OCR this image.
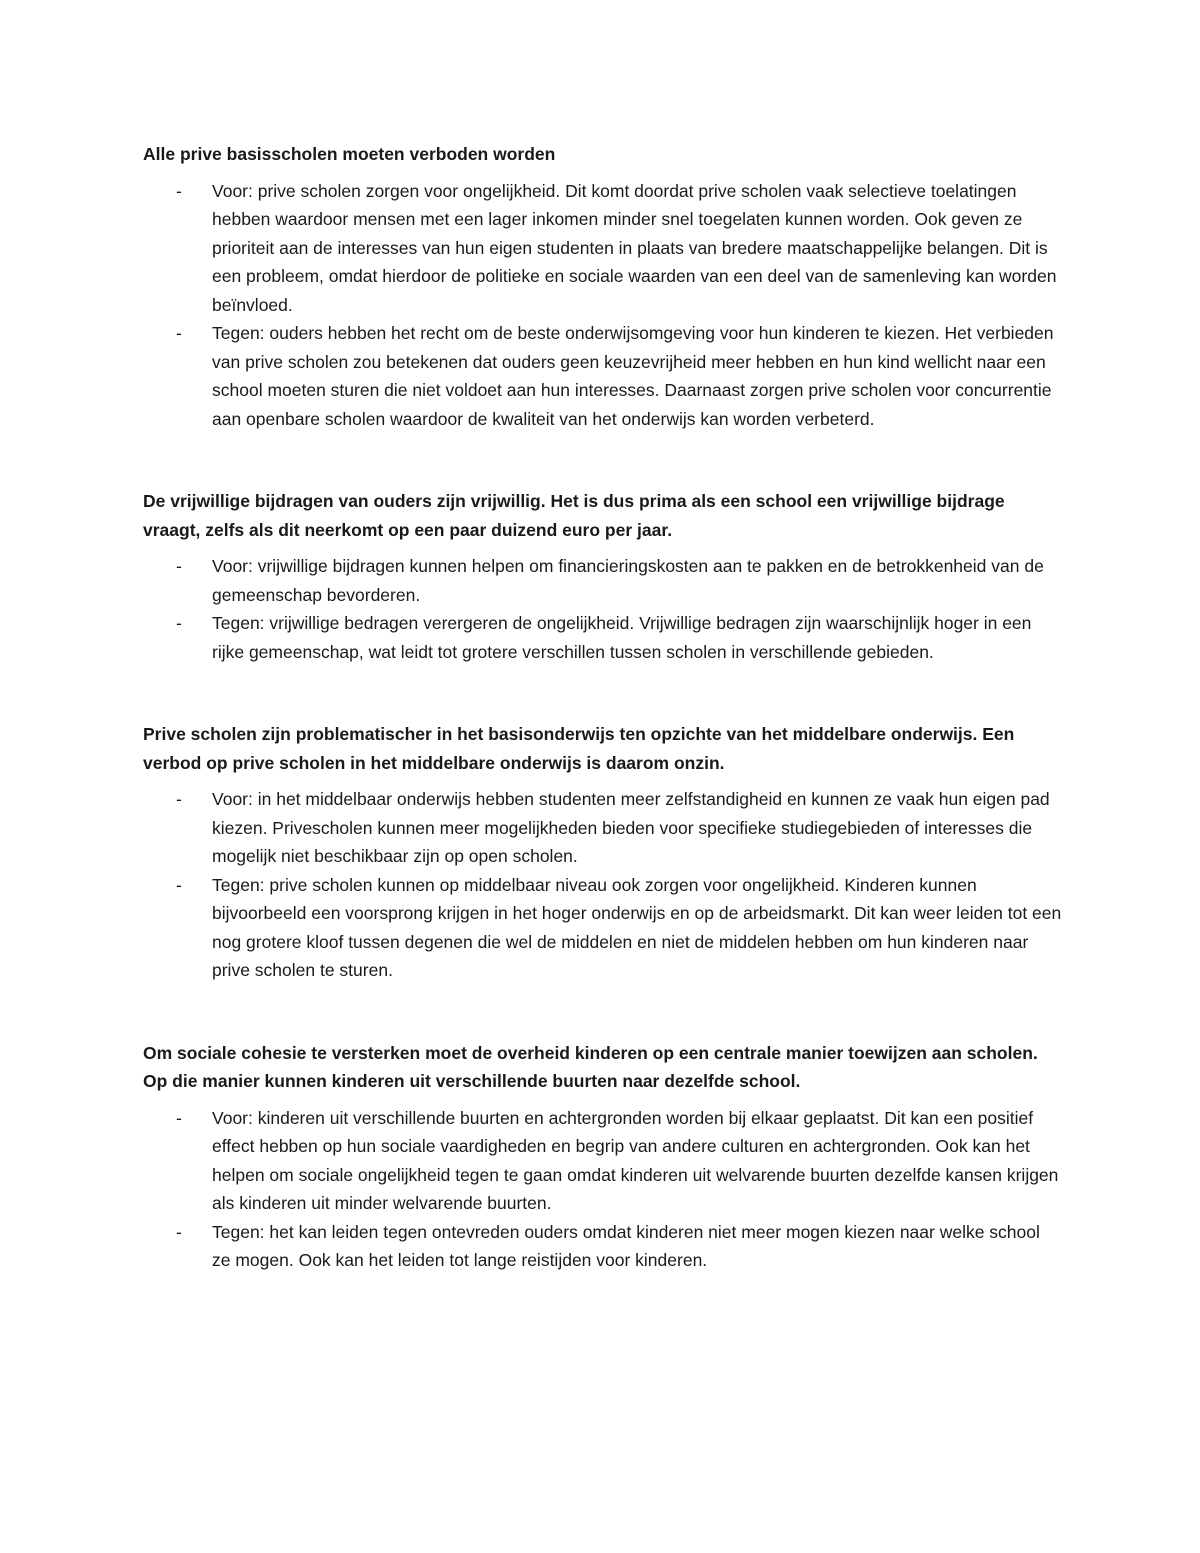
Alle prive basisscholen moeten verboden worden

- Voor: prive scholen zorgen voor ongelijkheid. Dit komt doordat prive scholen vaak selectieve toelatingen hebben waardoor mensen met een lager inkomen minder snel toegelaten kunnen worden. Ook geven ze prioriteit aan de interesses van hun eigen studenten in plaats van bredere maatschappelijke belangen. Dit is een probleem, omdat hierdoor de politieke en sociale waarden van een deel van de samenleving kan worden beïnvloed.
- Tegen: ouders hebben het recht om de beste onderwijsomgeving voor hun kinderen te kiezen. Het verbieden van prive scholen zou betekenen dat ouders geen keuzevrijheid meer hebben en hun kind wellicht naar een school moeten sturen die niet voldoet aan hun interesses. Daarnaast zorgen prive scholen voor concurrentie aan openbare scholen waardoor de kwaliteit van het onderwijs kan worden verbeterd.

De vrijwillige bijdragen van ouders zijn vrijwillig. Het is dus prima als een school een vrijwillige bijdrage vraagt, zelfs als dit neerkomt op een paar duizend euro per jaar.

- Voor: vrijwillige bijdragen kunnen helpen om financieringskosten aan te pakken en de betrokkenheid van de gemeenschap bevorderen.
- Tegen: vrijwillige bedragen verergeren de ongelijkheid. Vrijwillige bedragen zijn waarschijnlijk hoger in een rijke gemeenschap, wat leidt tot grotere verschillen tussen scholen in verschillende gebieden.

Prive scholen zijn problematischer in het basisonderwijs ten opzichte van het middelbare onderwijs. Een verbod op prive scholen in het middelbare onderwijs is daarom onzin.

- Voor: in het middelbaar onderwijs hebben studenten meer zelfstandigheid en kunnen ze vaak hun eigen pad kiezen. Privescholen kunnen meer mogelijkheden bieden voor specifieke studiegebieden of interesses die mogelijk niet beschikbaar zijn op open scholen.
- Tegen: prive scholen kunnen op middelbaar niveau ook zorgen voor ongelijkheid. Kinderen kunnen bijvoorbeeld een voorsprong krijgen in het hoger onderwijs en op de arbeidsmarkt. Dit kan weer leiden tot een nog grotere kloof tussen degenen die wel de middelen en niet de middelen hebben om hun kinderen naar prive scholen te sturen.

Om sociale cohesie te versterken moet de overheid kinderen op een centrale manier toewijzen aan scholen. Op die manier kunnen kinderen uit verschillende buurten naar dezelfde school.

- Voor: kinderen uit verschillende buurten en achtergronden worden bij elkaar geplaatst. Dit kan een positief effect hebben op hun sociale vaardigheden en begrip van andere culturen en achtergronden. Ook kan het helpen om sociale ongelijkheid tegen te gaan omdat kinderen uit welvarende buurten dezelfde kansen krijgen als kinderen uit minder welvarende buurten.
- Tegen: het kan leiden tegen ontevreden ouders omdat kinderen niet meer mogen kiezen naar welke school ze mogen. Ook kan het leiden tot lange reistijden voor kinderen.
